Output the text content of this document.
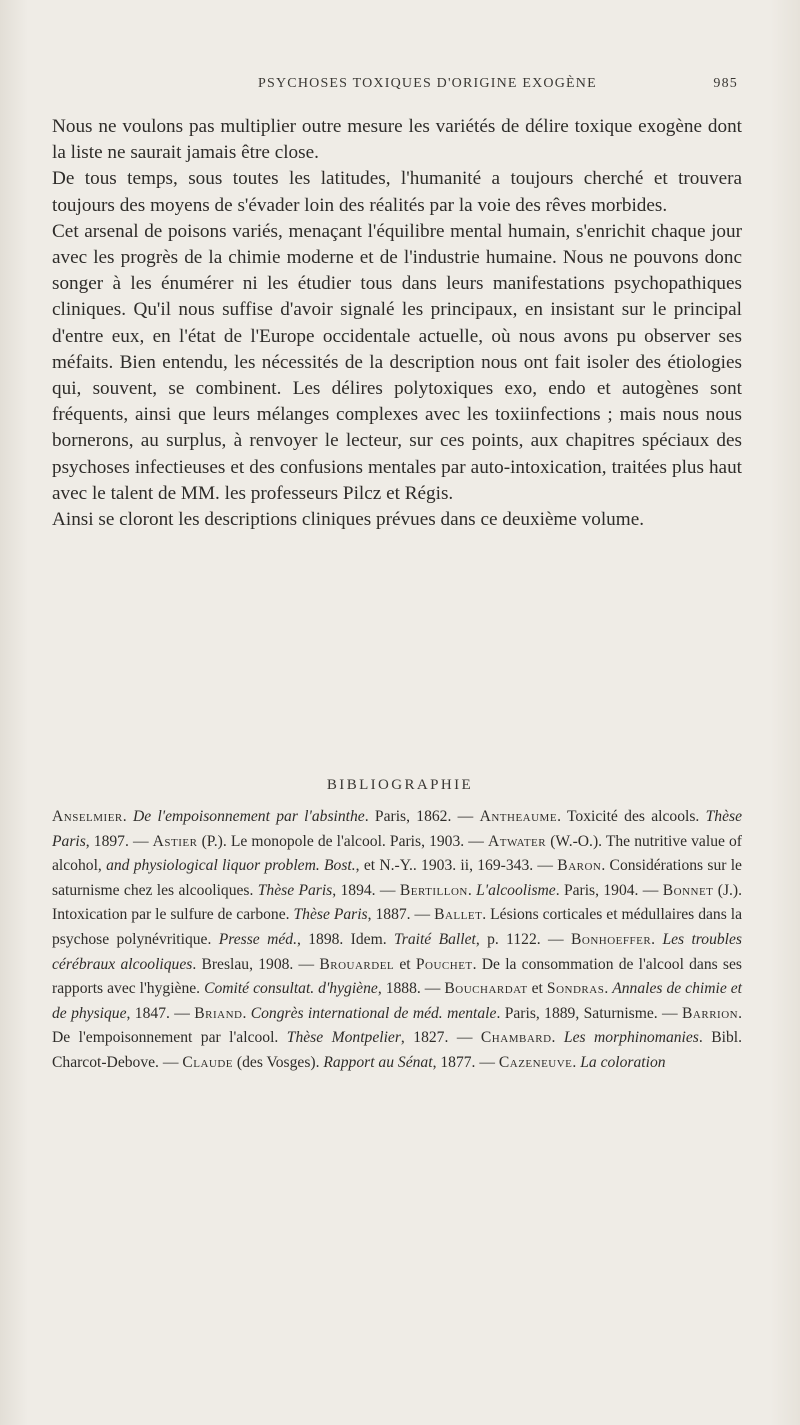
PSYCHOSES TOXIQUES D'ORIGINE EXOGÈNE	985

Nous ne voulons pas multiplier outre mesure les variétés de délire toxique exogène dont la liste ne saurait jamais être close.

De tous temps, sous toutes les latitudes, l'humanité a toujours cherché et trouvera toujours des moyens de s'évader loin des réalités par la voie des rêves morbides.

Cet arsenal de poisons variés, menaçant l'équilibre mental humain, s'enrichit chaque jour avec les progrès de la chimie moderne et de l'industrie humaine. Nous ne pouvons donc songer à les énumérer ni les étudier tous dans leurs manifestations psychopathiques cliniques. Qu'il nous suffise d'avoir signalé les principaux, en insistant sur le principal d'entre eux, en l'état de l'Europe occidentale actuelle, où nous avons pu observer ses méfaits. Bien entendu, les nécessités de la description nous ont fait isoler des étiologies qui, souvent, se combinent. Les délires polytoxiques exo, endo et autogènes sont fréquents, ainsi que leurs mélanges complexes avec les toxiinfections ; mais nous nous bornerons, au surplus, à renvoyer le lecteur, sur ces points, aux chapitres spéciaux des psychoses infectieuses et des confusions mentales par auto-intoxication, traitées plus haut avec le talent de MM. les professeurs Pilcz et Régis.

Ainsi se cloront les descriptions cliniques prévues dans ce deuxième volume.

BIBLIOGRAPHIE

Anselmier. De l'empoisonnement par l'absinthe. Paris, 1862. — Antheaume. Toxicité des alcools. Thèse Paris, 1897. — Astier (P.). Le monopole de l'alcool. Paris, 1903. — Atwater (W.-O.). The nutritive value of alcohol, and physiological liquor problem. Bost., et N.-Y.. 1903. ii, 169-343. — Baron. Considérations sur le saturnisme chez les alcooliques. Thèse Paris, 1894. — Bertillon. L'alcoolisme. Paris, 1904. — Bonnet (J.). Intoxication par le sulfure de carbone. Thèse Paris, 1887. — Ballet. Lésions corticales et médullaires dans la psychose polynévritique. Presse méd., 1898. Idem. Traité Ballet, p. 1122. — Bonhoeffer. Les troubles cérébraux alcooliques. Breslau, 1908. — Brouardel et Pouchet. De la consommation de l'alcool dans ses rapports avec l'hygiène. Comité consultat. d'hygiène, 1888. — Bouchardat et Sondras. Annales de chimie et de physique, 1847. — Briand. Congrès international de méd. mentale. Paris, 1889, Saturnisme. — Barrion. De l'empoisonnement par l'alcool. Thèse Montpelier, 1827. — Chambard. Les morphinomanies. Bibl. Charcot-Debove. — Claude (des Vosges). Rapport au Sénat, 1877. — Cazeneuve. La coloration
